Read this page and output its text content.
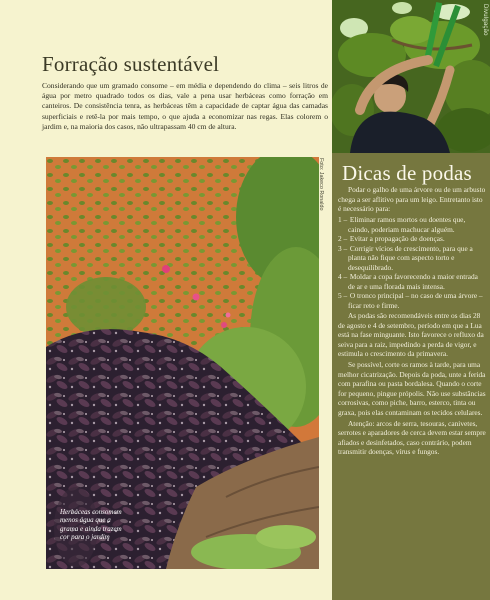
Divulgação
Forração sustentável

Considerando que um gramado consome – em média e dependendo do clima – seis litros de água por metro quadrado todos os dias, vale a pena usar herbáceas como forração em canteiros. De consistência tenra, as herbáceas têm a capacidade de captar água das camadas superficiais e retê-la por mais tempo, o que ajuda a economizar nas regas. Elas colorem o jardim e, na maioria dos casos, não ultrapassam 40 cm de altura.

Foto: Jakeco Ronaldo

Herbáceas consomem menos água que a grama e ainda trazem cor para o jardim

Dicas de podas

Podar o galho de uma árvore ou de um arbusto chega a ser aflitivo para um leigo. Entretanto isto é necessário para:

1 – Eliminar ramos mortos ou doentes que, caindo, poderiam machucar alguém.
2 – Evitar a propagação de doenças.
3 – Corrigir vícios de crescimento, para que a planta não fique com aspecto torto e desequilibrado.
4 – Moldar a copa favorecendo a maior entrada de ar e uma florada mais intensa.
5 – O tronco principal – no caso de uma árvore – ficar reto e firme.

As podas são recomendáveis entre os dias 28 de agosto e 4 de setembro, período em que a Lua está na fase minguante. Isto favorece o refluxo da seiva para a raiz, impedindo a perda de vigor, e estimula o crescimento da primavera.

Se possível, corte os ramos à tarde, para uma melhor cicatrização. Depois da poda, unte a ferida com parafina ou pasta bordalesa. Quando o corte for pequeno, pingue própolis. Não use substâncias corrosivas, como piche, barro, esterco, tinta ou graxa, pois elas contaminam os tecidos celulares.

Atenção: arcos de serra, tesouras, canivetes, serrotes e aparadores de cerca devem estar sempre afiados e desinfetados, caso contrário, podem transmitir doenças, vírus e fungos.
